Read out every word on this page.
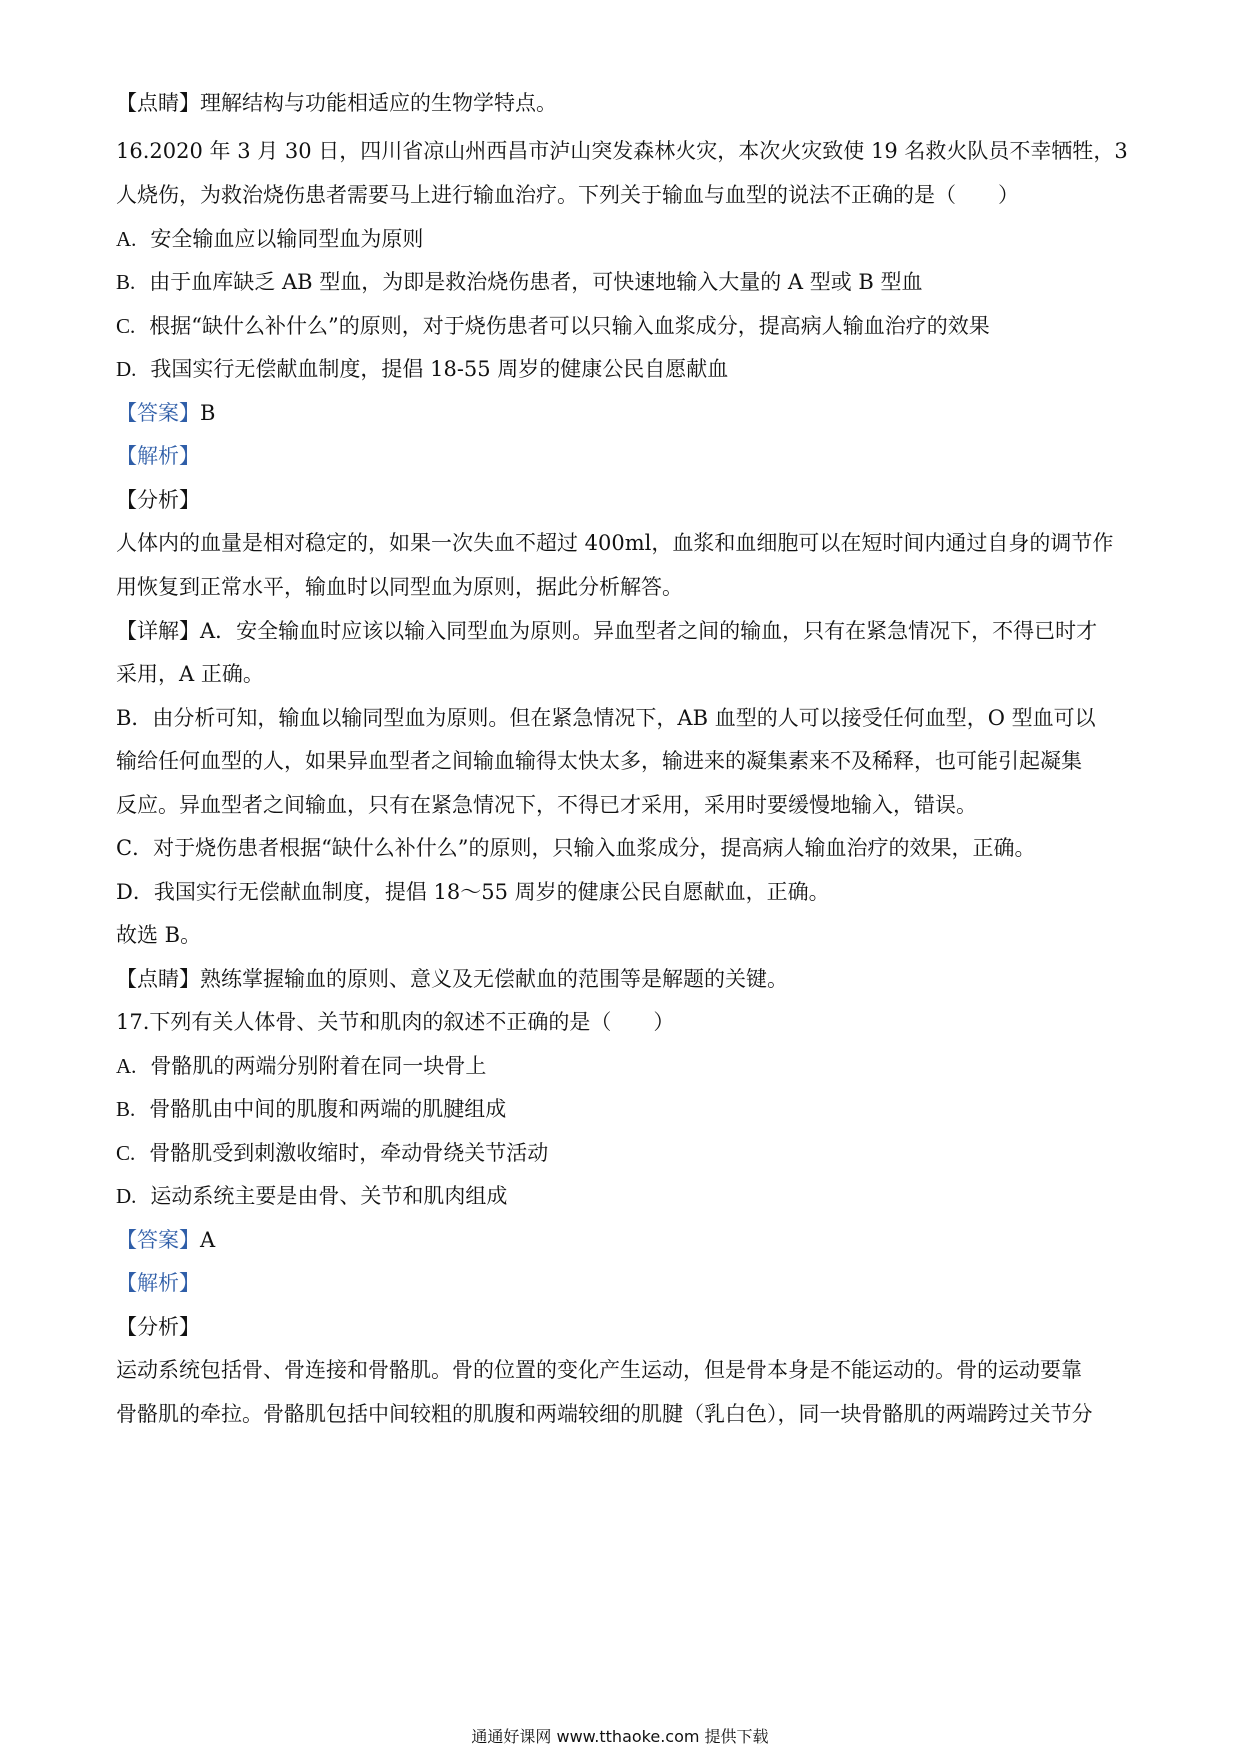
【点睛】理解结构与功能相适应的生物学特点。
16.2020 年 3 月 30 日，四川省凉山州西昌市泸山突发森林火灾，本次火灾致使 19 名救火队员不幸牺牲，3
人烧伤，为救治烧伤患者需要马上进行输血治疗。下列关于输血与血型的说法不正确的是（　　）
A. 安全输血应以输同型血为原则
B. 由于血库缺乏 AB 型血，为即是救治烧伤患者，可快速地输入大量的 A 型或 B 型血
C. 根据“缺什么补什么”的原则，对于烧伤患者可以只输入血浆成分，提高病人输血治疗的效果
D. 我国实行无偿献血制度，提倡 18-55 周岁的健康公民自愿献血
【答案】B
【解析】
【分析】
人体内的血量是相对稳定的，如果一次失血不超过 400ml，血浆和血细胞可以在短时间内通过自身的调节作
用恢复到正常水平，输血时以同型血为原则，据此分析解答。
【详解】A．安全输血时应该以输入同型血为原则。异血型者之间的输血，只有在紧急情况下，不得已时才
采用，A 正确。
B．由分析可知，输血以输同型血为原则。但在紧急情况下，AB 血型的人可以接受任何血型，O 型血可以
输给任何血型的人，如果异血型者之间输血输得太快太多，输进来的凝集素来不及稀释，也可能引起凝集
反应。异血型者之间输血，只有在紧急情况下，不得已才采用，采用时要缓慢地输入，错误。
C．对于烧伤患者根据“缺什么补什么”的原则，只输入血浆成分，提高病人输血治疗的效果，正确。
D．我国实行无偿献血制度，提倡 18～55 周岁的健康公民自愿献血，正确。
故选 B。
【点睛】熟练掌握输血的原则、意义及无偿献血的范围等是解题的关键。
17.下列有关人体骨、关节和肌肉的叙述不正确的是（　　）
A. 骨骼肌的两端分别附着在同一块骨上
B. 骨骼肌由中间的肌腹和两端的肌腱组成
C. 骨骼肌受到刺激收缩时，牵动骨绕关节活动
D. 运动系统主要是由骨、关节和肌肉组成
【答案】A
【解析】
【分析】
运动系统包括骨、骨连接和骨骼肌。骨的位置的变化产生运动，但是骨本身是不能运动的。骨的运动要靠
骨骼肌的牵拉。骨骼肌包括中间较粗的肌腹和两端较细的肌腱（乳白色），同一块骨骼肌的两端跨过关节分
通通好课网 www.tthaoke.com 提供下载
